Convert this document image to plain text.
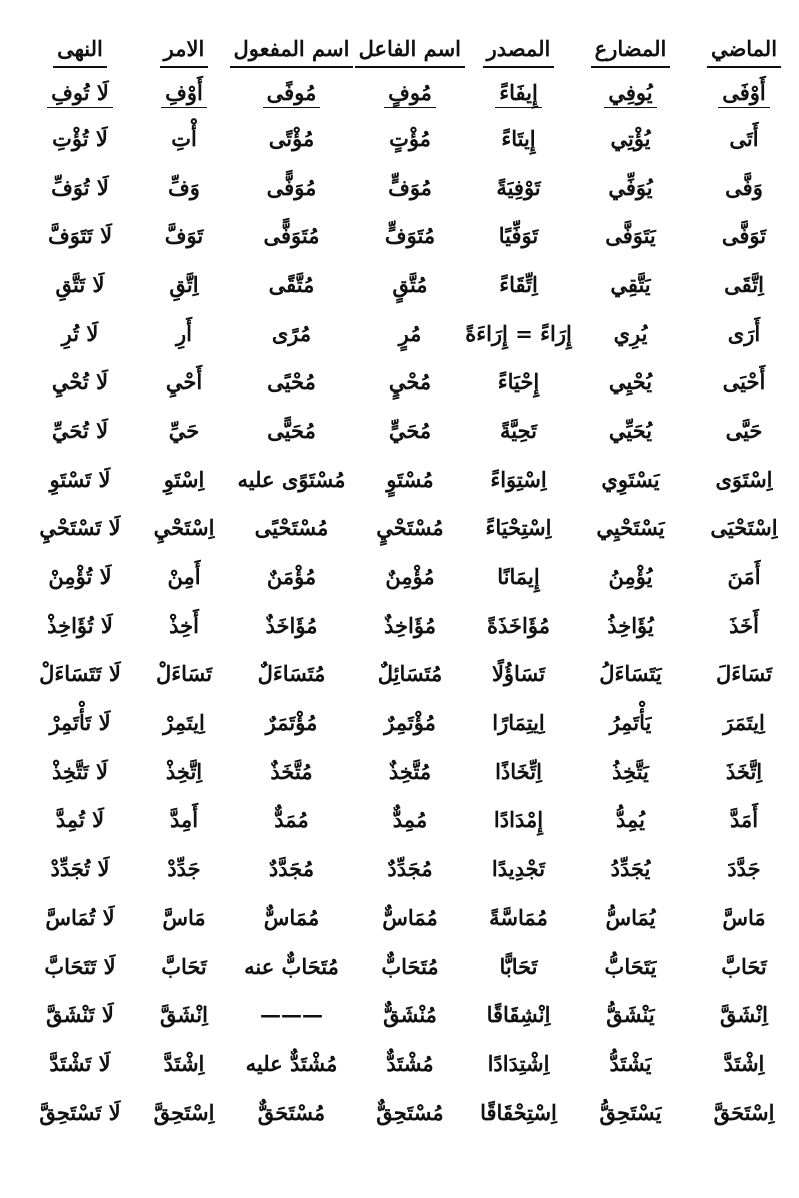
الماضي	المضارع	المصدر	اسم الفاعل	اسم المفعول	الامر	النهى
أَوْفَى	يُوفِي	إِيفَاءً	مُوفٍ	مُوفًى	أَوْفِ	لَا تُوفِ
أَتَى	يُؤْتِي	إِيتَاءً	مُؤْتٍ	مُؤْتًى	أْتِ	لَا تُؤْتِ
وَفَّى	يُوَفِّي	تَوْفِيَةً	مُوَفٍّ	مُوَفًّى	وَفِّ	لَا تُوَفِّ
تَوَفَّى	يَتَوَفَّى	تَوَفِّيًا	مُتَوَفٍّ	مُتَوَفًّى	تَوَفَّ	لَا تَتَوَفَّ
اِتَّقَى	يَتَّقِي	اِتِّقَاءً	مُتَّقٍ	مُتَّقًى	اِتَّقِ	لَا تَتَّقِ
أَرَى	يُرِي	إِرَاءً = إِرَاءَةً	مُرٍ	مُرًى	أَرِ	لَا تُرِ
أَحْيَى	يُحْيِي	إِحْيَاءً	مُحْيٍ	مُحْيًى	أَحْيِ	لَا تُحْيِ
حَيَّى	يُحَيِّي	تَحِيَّةً	مُحَيٍّ	مُحَيًّى	حَيِّ	لَا تُحَيِّ
اِسْتَوَى	يَسْتَوِي	اِسْتِوَاءً	مُسْتَوٍ	مُسْتَوًى عليه	اِسْتَوِ	لَا تَسْتَوِ
اِسْتَحْيَى	يَسْتَحْيِي	اِسْتِحْيَاءً	مُسْتَحْيٍ	مُسْتَحْيًى	اِسْتَحْيِ	لَا تَسْتَحْيِ
أَمَنَ	يُؤْمِنُ	إِيمَانًا	مُؤْمِنٌ	مُؤْمَنٌ	أَمِنْ	لَا تُؤْمِنْ
أَخَذَ	يُؤَاخِذُ	مُؤَاخَذَةً	مُؤَاخِذٌ	مُؤَاخَذٌ	أَخِذْ	لَا تُؤَاخِذْ
تَسَاءَلَ	يَتَسَاءَلُ	تَسَاؤُلًا	مُتَسَائِلٌ	مُتَسَاءَلٌ	تَسَاءَلْ	لَا تَتَسَاءَلْ
اِيتَمَرَ	يَأْتَمِرُ	اِيتِمَارًا	مُؤْتَمِرٌ	مُؤْتَمَرٌ	اِيتَمِرْ	لَا تَأْتَمِرْ
اِتَّخَذَ	يَتَّخِذُ	اِتِّخَاذًا	مُتَّخِذٌ	مُتَّخَذٌ	اِتَّخِذْ	لَا تَتَّخِذْ
أَمَدَّ	يُمِدُّ	إِمْدَادًا	مُمِدٌّ	مُمَدٌّ	أَمِدَّ	لَا تُمِدَّ
جَدَّدَ	يُجَدِّدُ	تَجْدِيدًا	مُجَدِّدٌ	مُجَدَّدٌ	جَدِّدْ	لَا تُجَدِّدْ
مَاسَّ	يُمَاسُّ	مُمَاسَّةً	مُمَاسٌّ	مُمَاسٌّ	مَاسَّ	لَا تُمَاسَّ
تَحَابَّ	يَتَحَابُّ	تَحَابًّا	مُتَحَابٌّ	مُتَحَابٌّ عنه	تَحَابَّ	لَا تَتَحَابَّ
اِنْشَقَّ	يَنْشَقُّ	اِنْشِقَاقًا	مُنْشَقٌّ	———	اِنْشَقَّ	لَا تَنْشَقَّ
اِشْتَدَّ	يَشْتَدُّ	اِشْتِدَادًا	مُشْتَدٌّ	مُشْتَدٌّ عليه	اِشْتَدَّ	لَا تَشْتَدَّ
اِسْتَحَقَّ	يَسْتَحِقُّ	اِسْتِحْقَاقًا	مُسْتَحِقٌّ	مُسْتَحَقٌّ	اِسْتَحِقَّ	لَا تَسْتَحِقَّ
